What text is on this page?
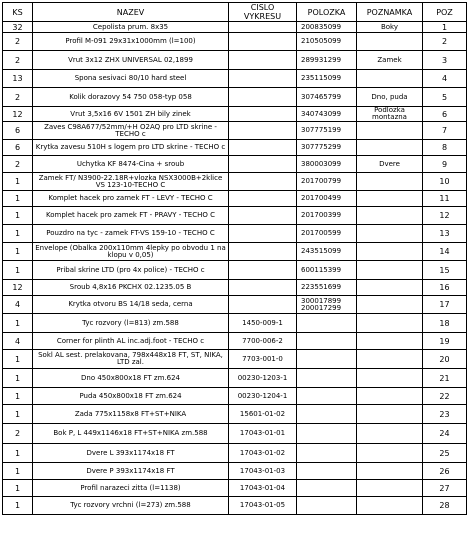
KS	NAZEV	CISLO VYKRESU	POLOZKA	POZNAMKA	POZ
32	Cepolista prum. 8x35		200835099	Boky	1
2	Profil M-091 29x31x1000mm (l=100)		210505099		2
2	Vrut 3x12 ZHX UNIVERSAL 02,1899		289931299	Zamek	3
13	Spona sesivaci 80/10 hard steel		235115099		4
2	Kolik dorazovy 54 750 058-typ 058		307465799	Dno, puda	5
12	Vrut 3,5x16 6V 1501 ZH bily zinek		340743099	Podlozka montazna	6
6	Zaves C98A677/52mm/+H O2AQ pro LTD skrine - TECHO c		307775199		7
6	Krytka zavesu 510H s logem pro LTD skrine - TECHO c		307775299		8
2	Uchytka KF 8474-Cina + sroub		380003099	Dvere	9
1	Zamek FT/ N3900-22.18R+vlozka NSX3000B+2klice VS 123-10-TECHO C		201700799		10
1	Komplet hacek pro zamek FT - LEVY - TECHO C		201700499		11
1	Komplet hacek pro zamek FT - PRAVY - TECHO C		201700399		12
1	Pouzdro na tyc - zamek FT-VS 159-10 - TECHO C		201700599		13
1	Envelope (Obalka 200x110mm 4lepky po obvodu 1 na klopu v 0,05)		243515099		14
1	Pribal skrine LTD (pro 4x police) - TECHO c		600115399		15
12	Sroub 4,8x16 PKCHX 02.1235.05 B		223551699		16
4	Krytka otvoru BS 14/18 seda, cerna		300017899 200017299		17
1	Tyc rozvory (l=813) zm.588	1450-009-1			18
4	Corner for plinth AL inc.adj.foot - TECHO c	7700-006-2			19
1	Sokl AL sest. prelakovana, 798x448x18 FT, ST, NIKA, LTD zal.	7703-001-0			20
1	Dno 450x800x18 FT zm.624	00230-1203-1			21
1	Puda 450x800x18 FT zm.624	00230-1204-1			22
1	Zada 775x1158x8 FT+ST+NIKA	15601-01-02			23
2	Bok P, L 449x1146x18 FT+ST+NIKA zm.588	17043-01-01			24
1	Dvere L 393x1174x18 FT	17043-01-02			25
1	Dvere P 393x1174x18 FT	17043-01-03			26
1	Profil narazeci zitta (l=1138)	17043-01-04			27
1	Tyc rozvory vrchni (l=273) zm.588	17043-01-05			28
